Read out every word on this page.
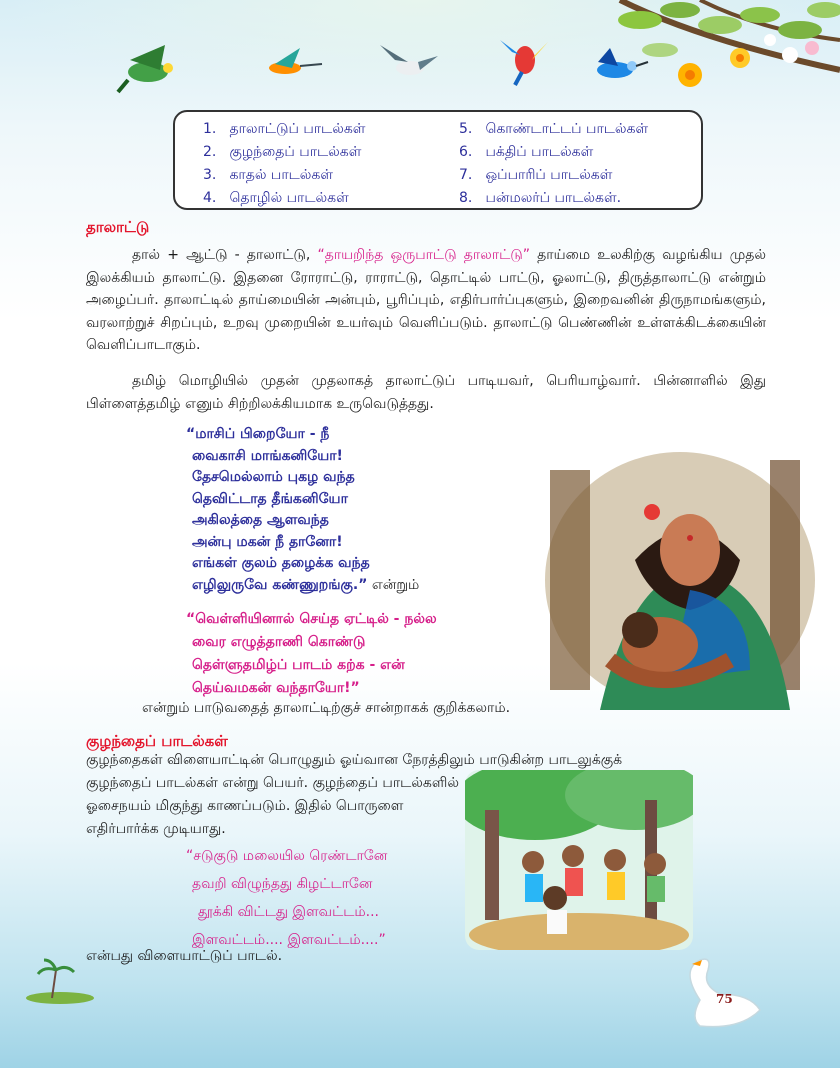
1. தாலாட்டுப் பாடல்கள்
2. குழந்தைப் பாடல்கள்
3. காதல் பாடல்கள்
4. தொழில் பாடல்கள்
5. கொண்டாட்டப் பாடல்கள்
6. பக்திப் பாடல்கள்
7. ஒப்பாரிப் பாடல்கள்
8. பன்மலர்ப் பாடல்கள்.
தாலாட்டு
தால் + ஆட்டு - தாலாட்டு, “தாயறிந்த ஒருபாட்டு தாலாட்டு” தாய்மை உலகிற்கு வழங்கிய முதல் இலக்கியம் தாலாட்டு. இதனை ரோராட்டு, ராராட்டு, தொட்டில் பாட்டு, ஓலாட்டு, திருத்தாலாட்டு என்றும் அழைப்பர். தாலாட்டில் தாய்மையின் அன்பும், பூரிப்பும், எதிர்பார்ப்புகளும், இறைவனின் திருநாமங்களும், வரலாற்றுச் சிறப்பும், உறவு முறையின் உயர்வும் வெளிப்படும். தாலாட்டு பெண்ணின் உள்ளக்கிடக்கையின் வெளிப்பாடாகும்.
தமிழ் மொழியில் முதன் முதலாகத் தாலாட்டுப் பாடியவர், பெரியாழ்வார். பின்னாளில் இது பிள்ளைத்தமிழ் எனும் சிற்றிலக்கியமாக உருவெடுத்தது.
“மாசிப் பிறையோ - நீ
வைகாசி மாங்கனியோ!
தேசமெல்லாம் புகழ வந்த
தெவிட்டாத தீங்கனியோ
அகிலத்தை ஆளவந்த
அன்பு மகன் நீ தானோ!
எங்கள் குலம் தழைக்க வந்த
எழிலுருவே கண்ணுறங்கு.” என்றும்
“வெள்ளியினால் செய்த ஏட்டில் - நல்ல
வைர எழுத்தாணி கொண்டு
தெள்ளுதமிழ்ப் பாடம் கற்க - என்
தெய்வமகன் வந்தாயோ!”
என்றும் பாடுவதைத் தாலாட்டிற்குச் சான்றாகக் குறிக்கலாம்.
குழந்தைப் பாடல்கள்
குழந்தைகள் விளையாட்டின் பொழுதும் ஓய்வான நேரத்திலும் பாடுகின்ற பாடலுக்குக்
குழந்தைப் பாடல்கள் என்று பெயர். குழந்தைப் பாடல்களில்
ஓசைநயம் மிகுந்து காணப்படும். இதில் பொருளை
எதிர்பார்க்க முடியாது.
“சடுகுடு மலையில ரெண்டானே
தவறி விழுந்தது கிழட்டானே
தூக்கி விட்டது இளவட்டம்...
இளவட்டம்.... இளவட்டம்....”
என்பது விளையாட்டுப் பாடல்.
75
